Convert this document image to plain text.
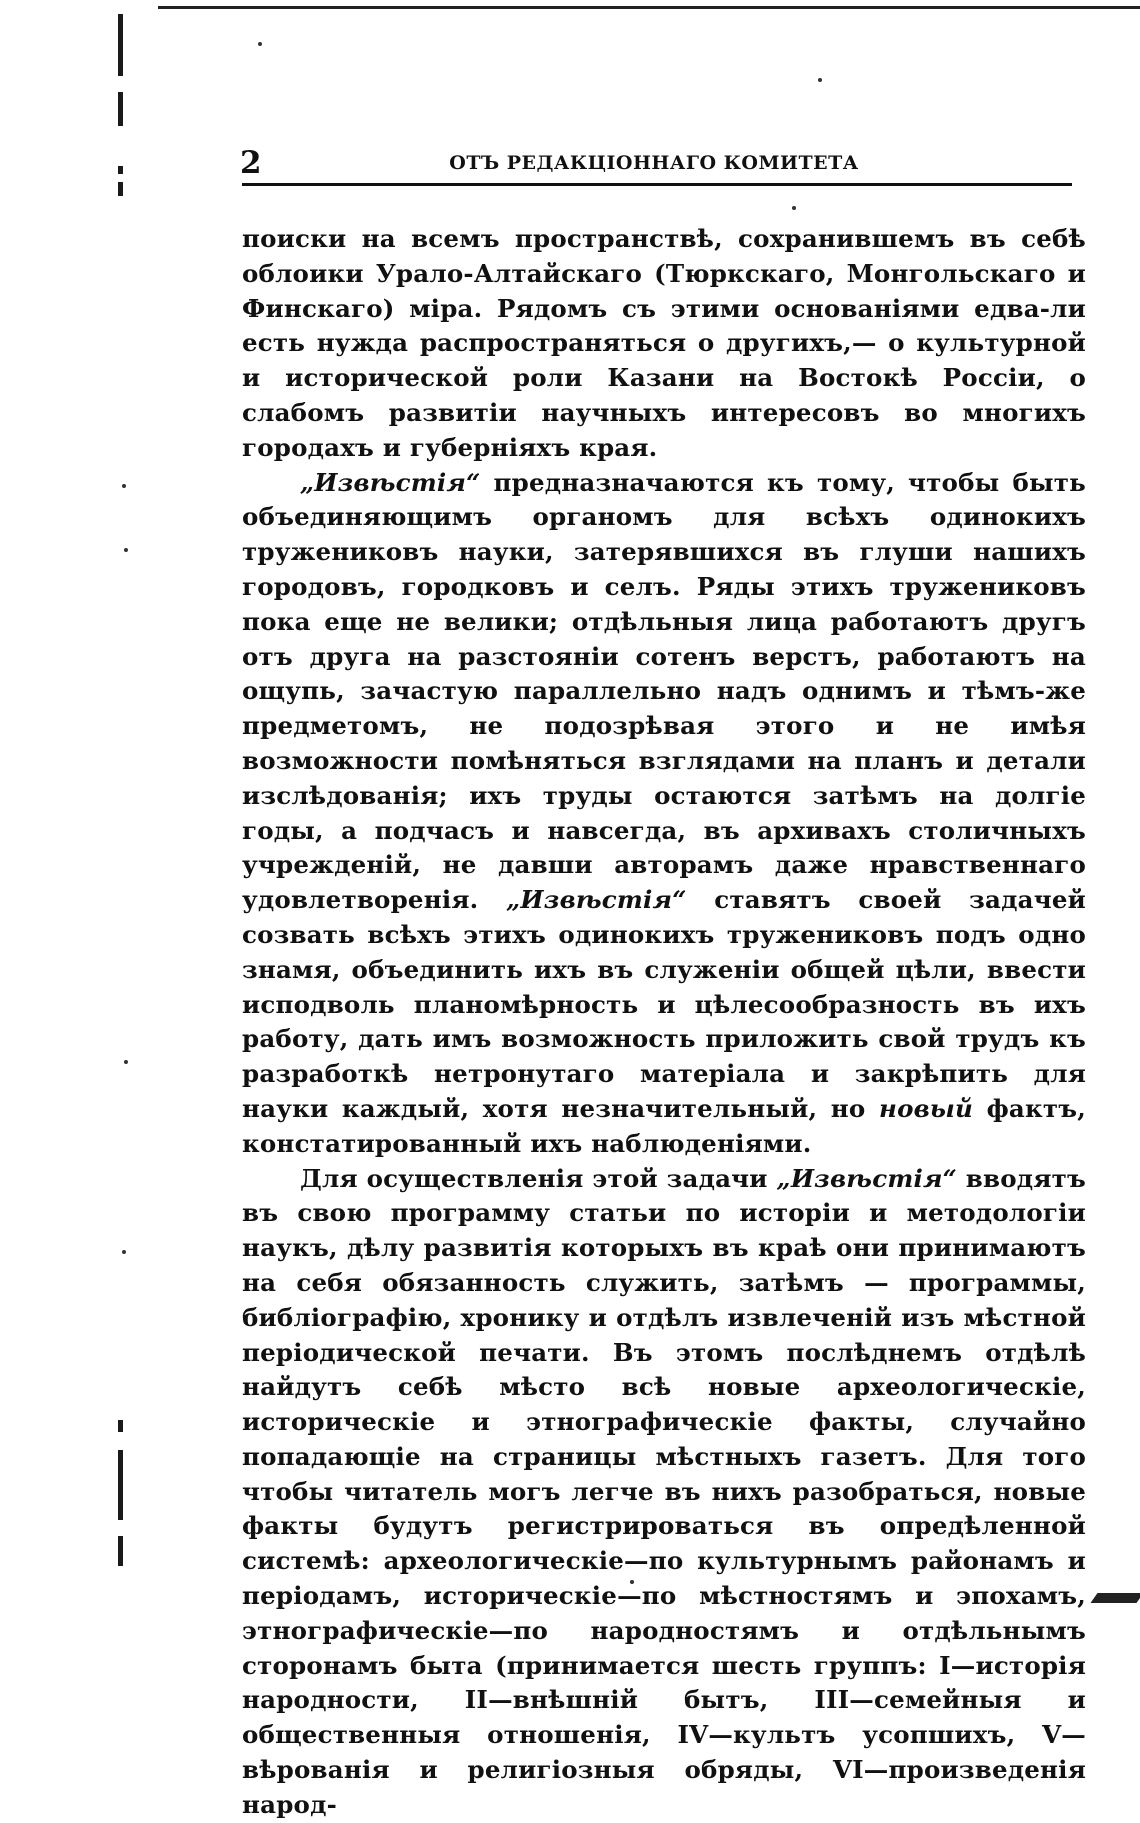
2	ОТЪ РЕДАКЦІОННАГО КОМИТЕТА

поиски на всемъ пространствѣ, сохранившемъ въ себѣ облоики Урало-Алтайскаго (Тюркскаго, Монгольскаго и Финскаго) міра. Рядомъ съ этими основаніями едва-ли есть нужда распространяться о другихъ,— о культурной и исторической роли Казани на Востокѣ Россіи, о слабомъ развитіи научныхъ интересовъ во многихъ городахъ и губерніяхъ края.

„Извѣстія“ предназначаются къ тому, чтобы быть объединяющимъ органомъ для всѣхъ одинокихъ тружениковъ науки, затерявшихся въ глуши нашихъ городовъ, городковъ и селъ. Ряды этихъ тружениковъ пока еще не велики; отдѣльныя лица работаютъ другъ отъ друга на разстояніи сотенъ верстъ, работаютъ на ощупь, зачастую параллельно надъ однимъ и тѣмъ-же предметомъ, не подозрѣвая этого и не имѣя возможности помѣняться взглядами на планъ и детали изслѣдованія; ихъ труды остаются затѣмъ на долгіе годы, а подчасъ и навсегда, въ архивахъ столичныхъ учрежденій, не давши авторамъ даже нравственнаго удовлетворенія. „Извѣстія“ ставятъ своей задачей созвать всѣхъ этихъ одинокихъ тружениковъ подъ одно знамя, объединить ихъ въ служеніи общей цѣли, ввести исподволь планомѣрность и цѣлесообразность въ ихъ работу, дать имъ возможность приложить свой трудъ къ разработкѣ нетронутаго матеріала и закрѣпить для науки каждый, хотя незначительный, но новый фактъ, констатированный ихъ наблюденіями.

Для осуществленія этой задачи „Извѣстія“ вводятъ въ свою программу статьи по исторіи и методологіи наукъ, дѣлу развитія которыхъ въ краѣ они принимаютъ на себя обязанность служить, затѣмъ — программы, библіографію, хронику и отдѣлъ извлеченій изъ мѣстной періодической печати. Въ этомъ послѣднемъ отдѣлѣ найдутъ себѣ мѣсто всѣ новые археологическіе, историческіе и этнографическіе факты, случайно попадающіе на страницы мѣстныхъ газетъ. Для того чтобы читатель могъ легче въ нихъ разобраться, новые факты будутъ регистрироваться въ опредѣленной системѣ: археологическіе—по культурнымъ районамъ и періодамъ, историческіе—по мѣстностямъ и эпохамъ, этнографическіе—по народностямъ и отдѣльнымъ сторонамъ быта (принимается шесть группъ: I—исторія народности, II—внѣшній бытъ, III—семейныя и общественныя отношенія, IV—культъ усопшихъ, V—вѣрованія и религіозныя обряды, VI—произведенія народ-
